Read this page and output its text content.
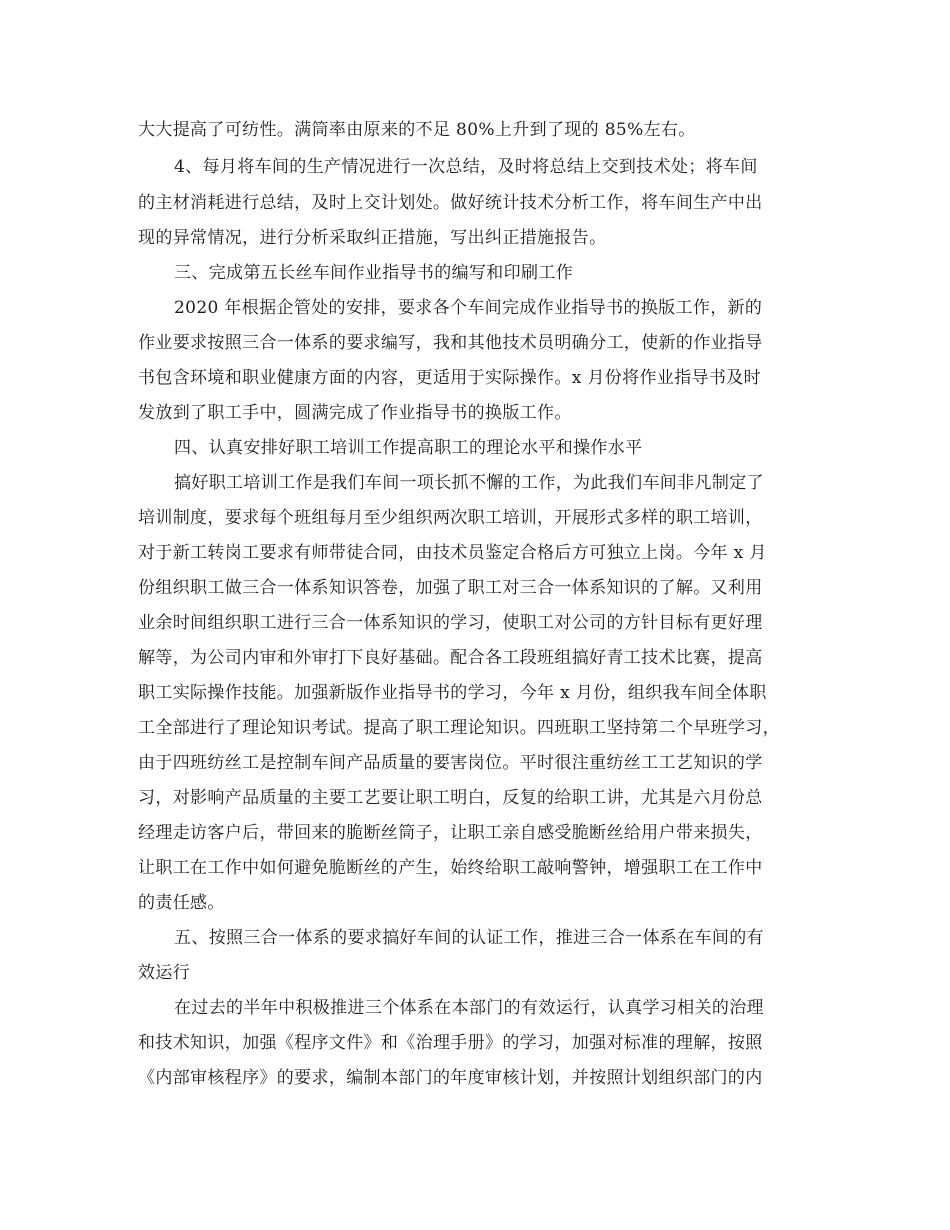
大大提高了可纺性。满筒率由原来的不足 80%上升到了现的 85%左右。
4、每月将车间的生产情况进行一次总结，及时将总结上交到技术处；将车间
的主材消耗进行总结，及时上交计划处。做好统计技术分析工作，将车间生产中出
现的异常情况，进行分析采取纠正措施，写出纠正措施报告。
三、完成第五长丝车间作业指导书的编写和印刷工作
2020 年根据企管处的安排，要求各个车间完成作业指导书的换版工作，新的
作业要求按照三合一体系的要求编写，我和其他技术员明确分工，使新的作业指导
书包含环境和职业健康方面的内容，更适用于实际操作。x 月份将作业指导书及时
发放到了职工手中，圆满完成了作业指导书的换版工作。
四、认真安排好职工培训工作提高职工的理论水平和操作水平
搞好职工培训工作是我们车间一项长抓不懈的工作，为此我们车间非凡制定了
培训制度，要求每个班组每月至少组织两次职工培训，开展形式多样的职工培训，
对于新工转岗工要求有师带徒合同，由技术员鉴定合格后方可独立上岗。今年 x 月
份组织职工做三合一体系知识答卷，加强了职工对三合一体系知识的了解。又利用
业余时间组织职工进行三合一体系知识的学习，使职工对公司的方针目标有更好理
解等，为公司内审和外审打下良好基础。配合各工段班组搞好青工技术比赛，提高
职工实际操作技能。加强新版作业指导书的学习，今年 x 月份，组织我车间全体职
工全部进行了理论知识考试。提高了职工理论知识。四班职工坚持第二个早班学习，
由于四班纺丝工是控制车间产品质量的要害岗位。平时很注重纺丝工工艺知识的学
习，对影响产品质量的主要工艺要让职工明白，反复的给职工讲，尤其是六月份总
经理走访客户后，带回来的脆断丝筒子，让职工亲自感受脆断丝给用户带来损失，
让职工在工作中如何避免脆断丝的产生，始终给职工敲响警钟，增强职工在工作中
的责任感。
五、按照三合一体系的要求搞好车间的认证工作，推进三合一体系在车间的有
效运行
在过去的半年中积极推进三个体系在本部门的有效运行，认真学习相关的治理
和技术知识，加强《程序文件》和《治理手册》的学习，加强对标准的理解，按照
《内部审核程序》的要求，编制本部门的年度审核计划，并按照计划组织部门的内
